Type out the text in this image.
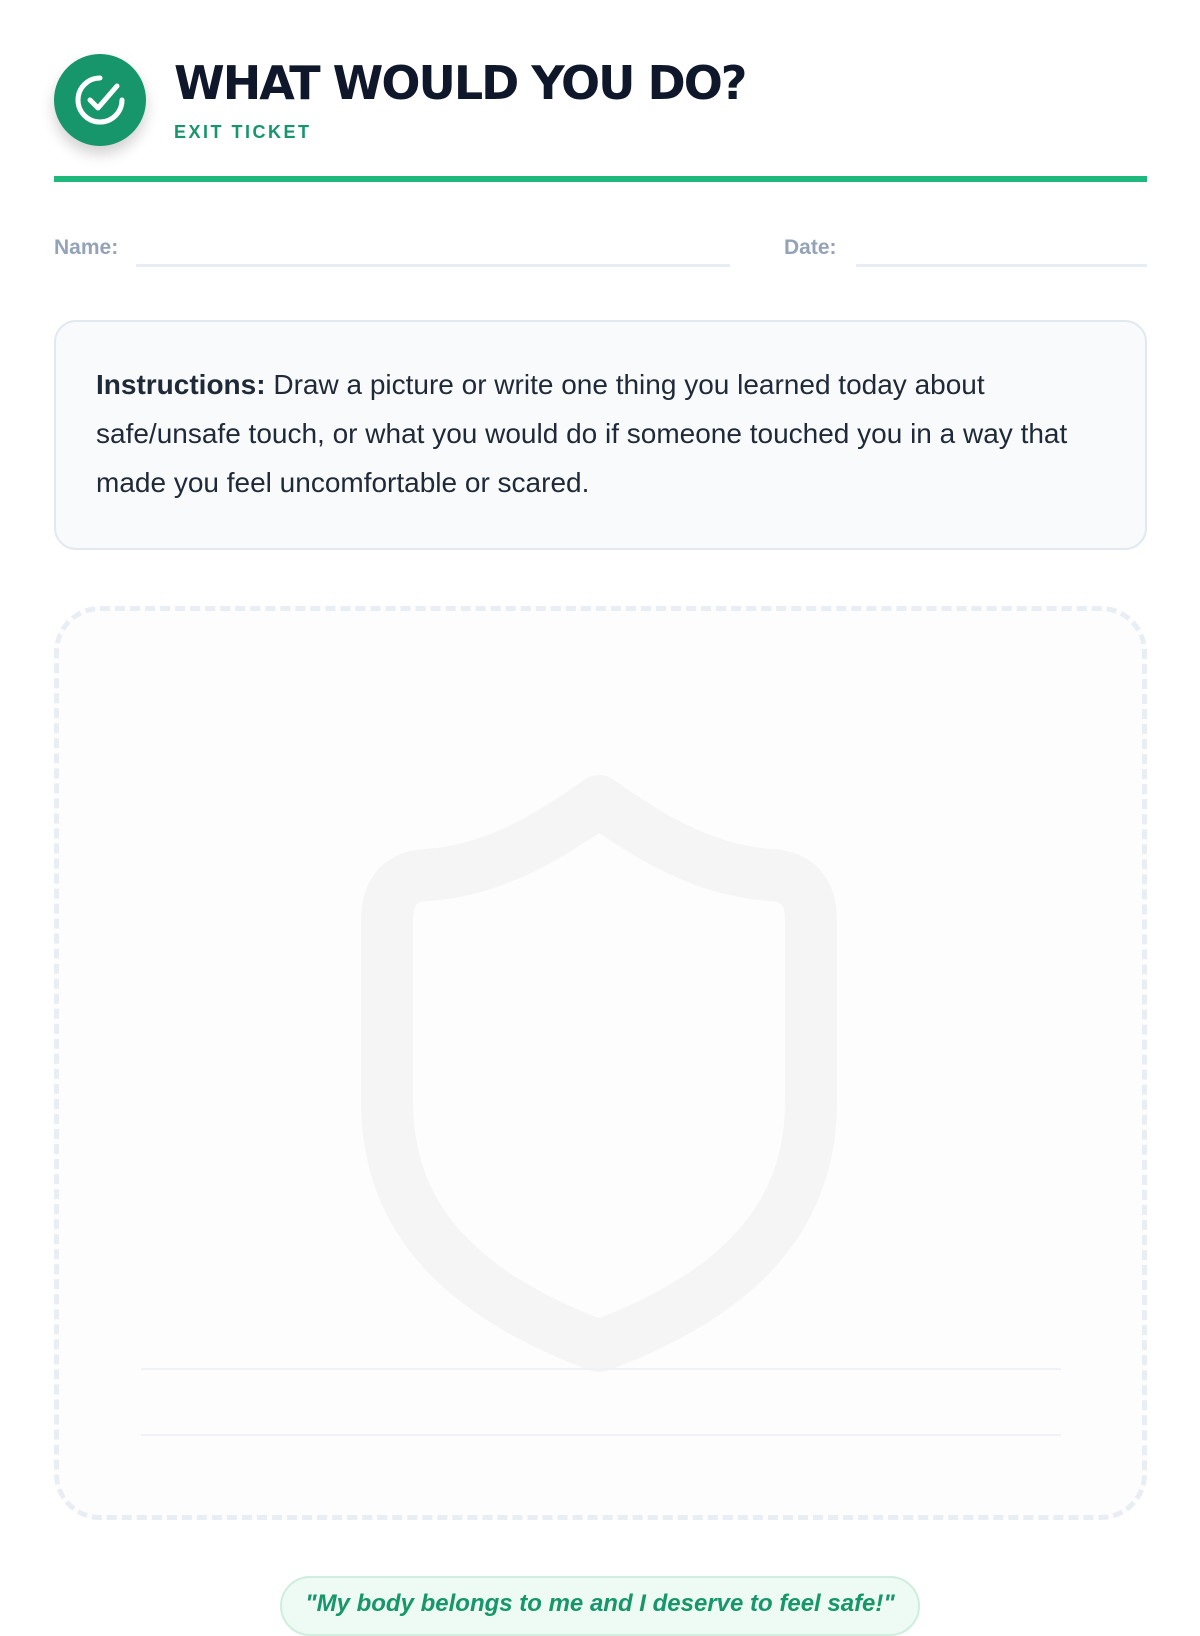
WHAT WOULD YOU DO?
EXIT TICKET
Name:	Date:
Instructions: Draw a picture or write one thing you learned today about safe/unsafe touch, or what you would do if someone touched you in a way that made you feel uncomfortable or scared.
"My body belongs to me and I deserve to feel safe!"
